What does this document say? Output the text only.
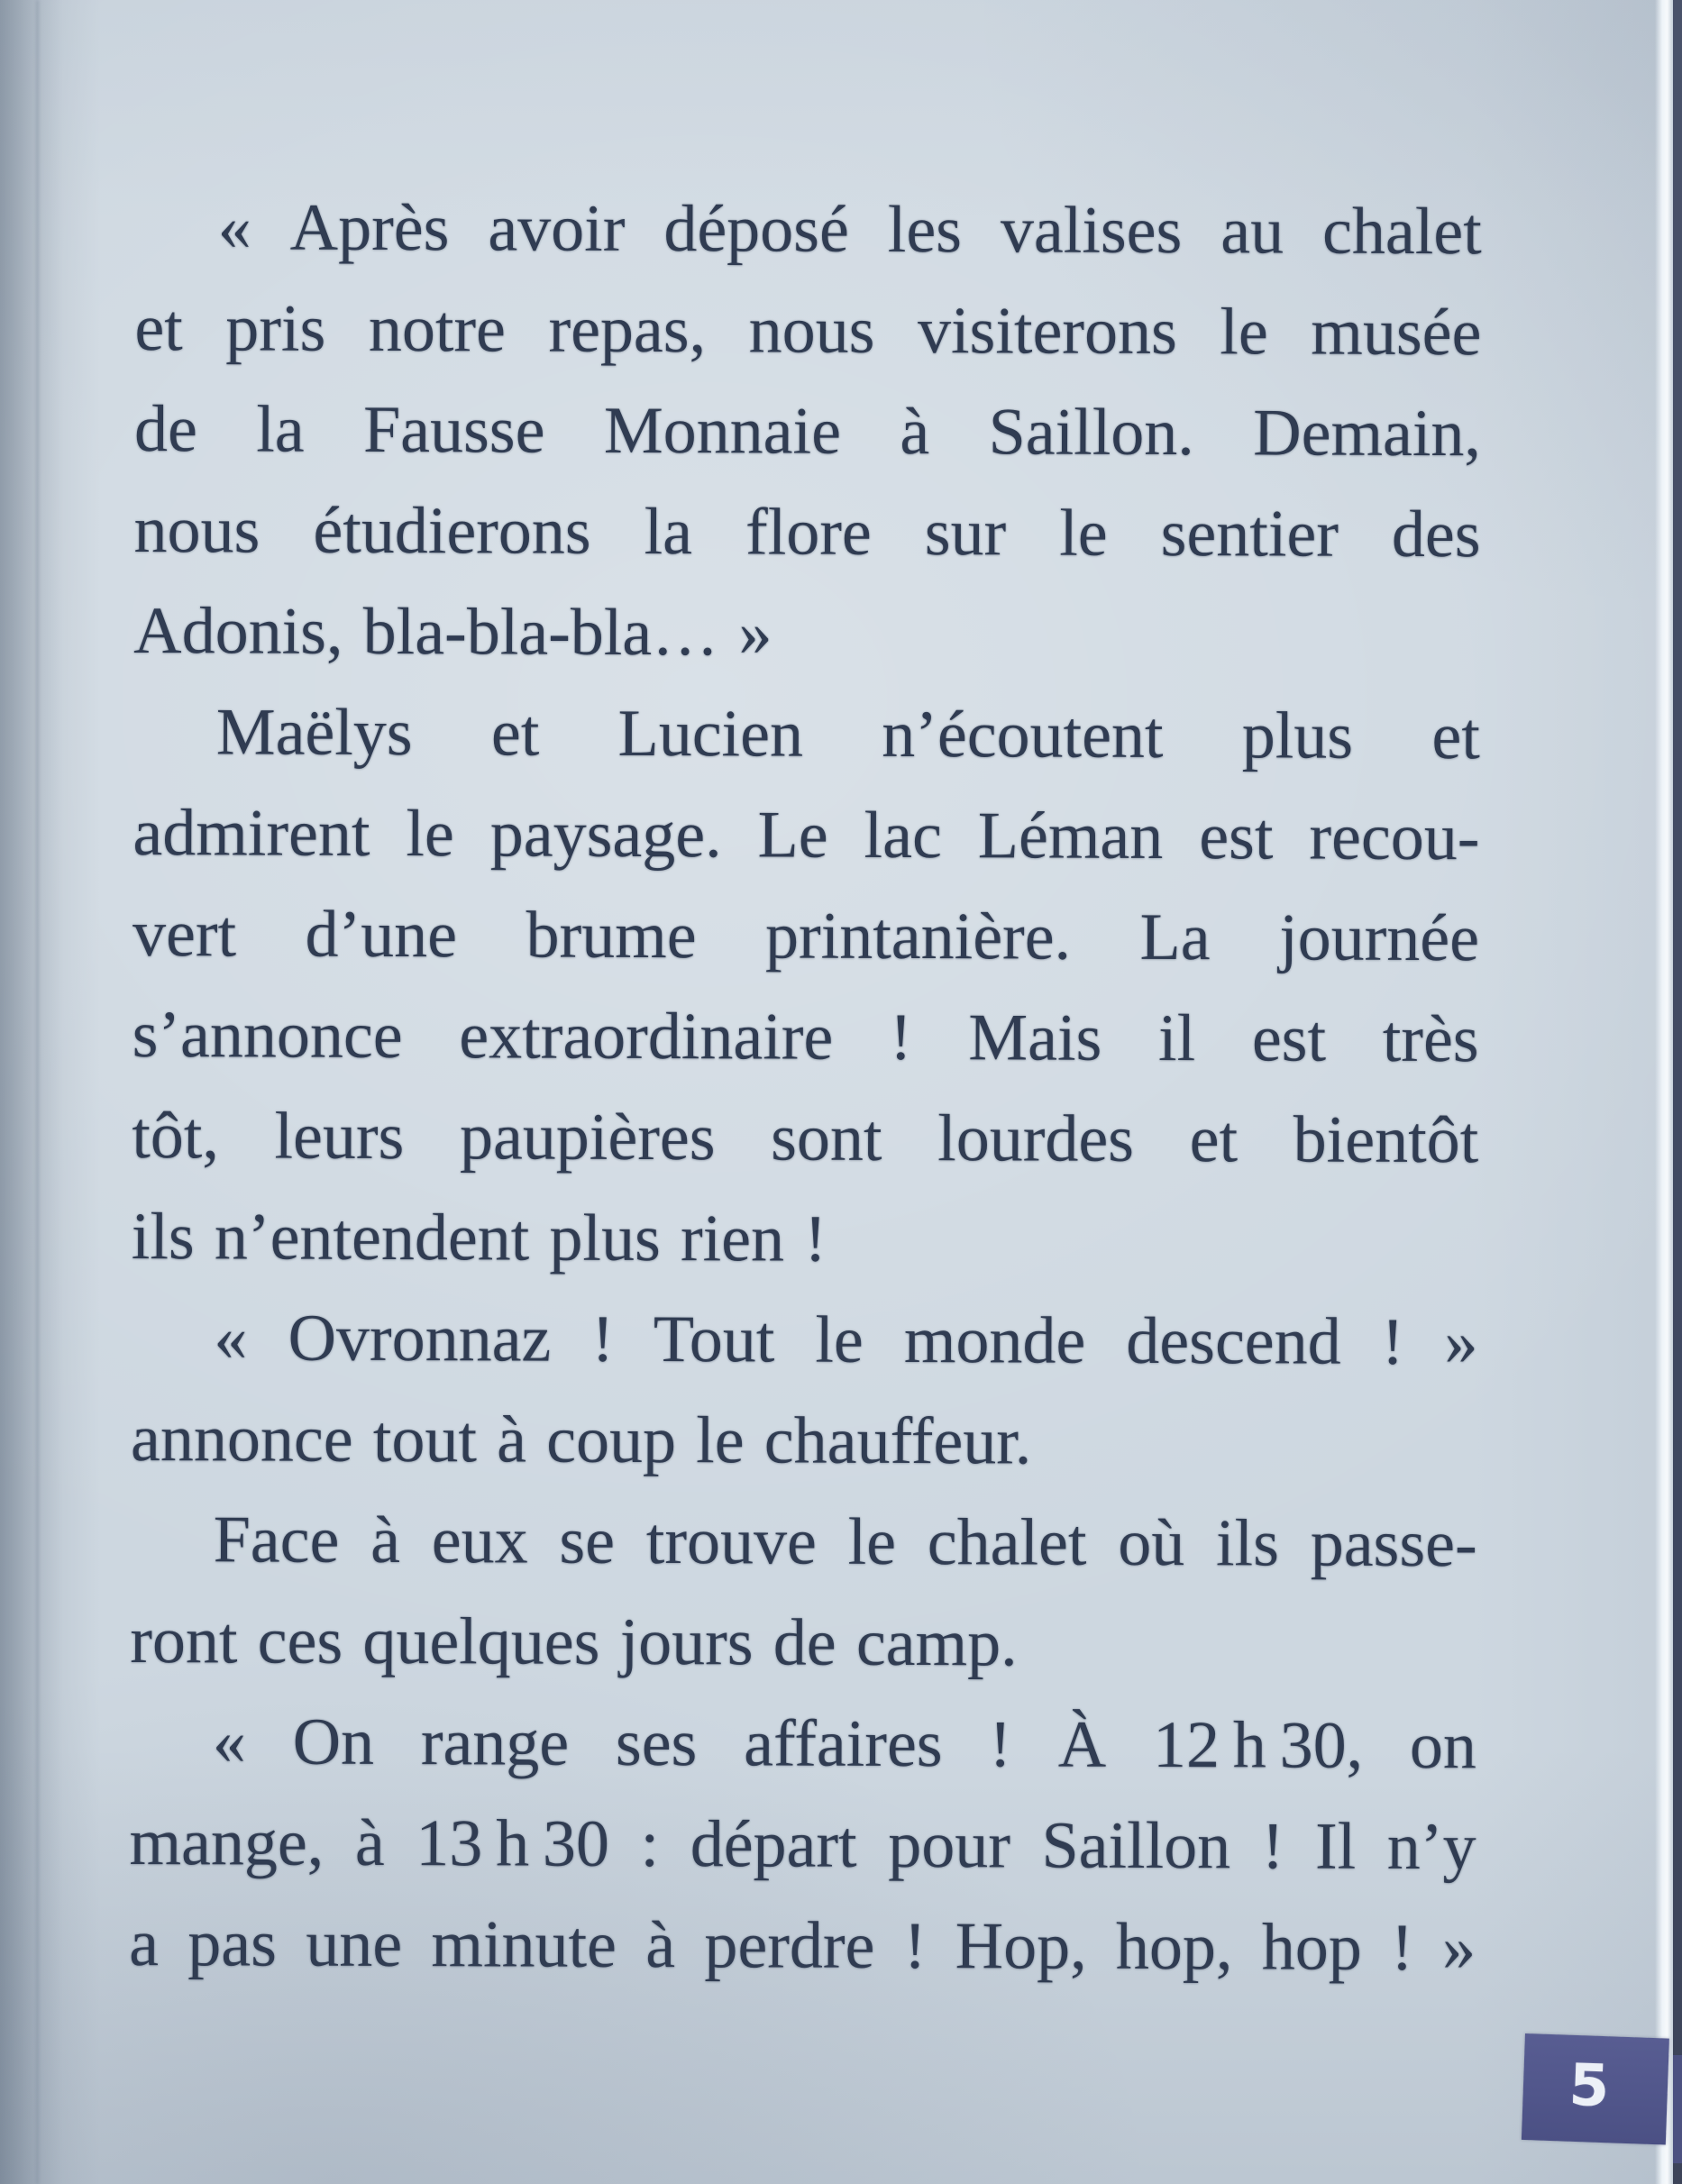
« Après avoir déposé les valises au chalet
et pris notre repas, nous visiterons le musée
de la Fausse Monnaie à Saillon. Demain,
nous étudierons la flore sur le sentier des
Adonis, bla-bla-bla… »
Maëlys et Lucien n’écoutent plus et
admirent le paysage. Le lac Léman est recou-
vert d’une brume printanière. La journée
s’annonce extraordinaire ! Mais il est très
tôt, leurs paupières sont lourdes et bientôt
ils n’entendent plus rien !
« Ovronnaz ! Tout le monde descend ! »
annonce tout à coup le chauffeur.
Face à eux se trouve le chalet où ils passe-
ront ces quelques jours de camp.
« On range ses affaires ! À 12 h 30, on
mange, à 13 h 30 : départ pour Saillon ! Il n’y
a pas une minute à perdre ! Hop, hop, hop ! »
5
